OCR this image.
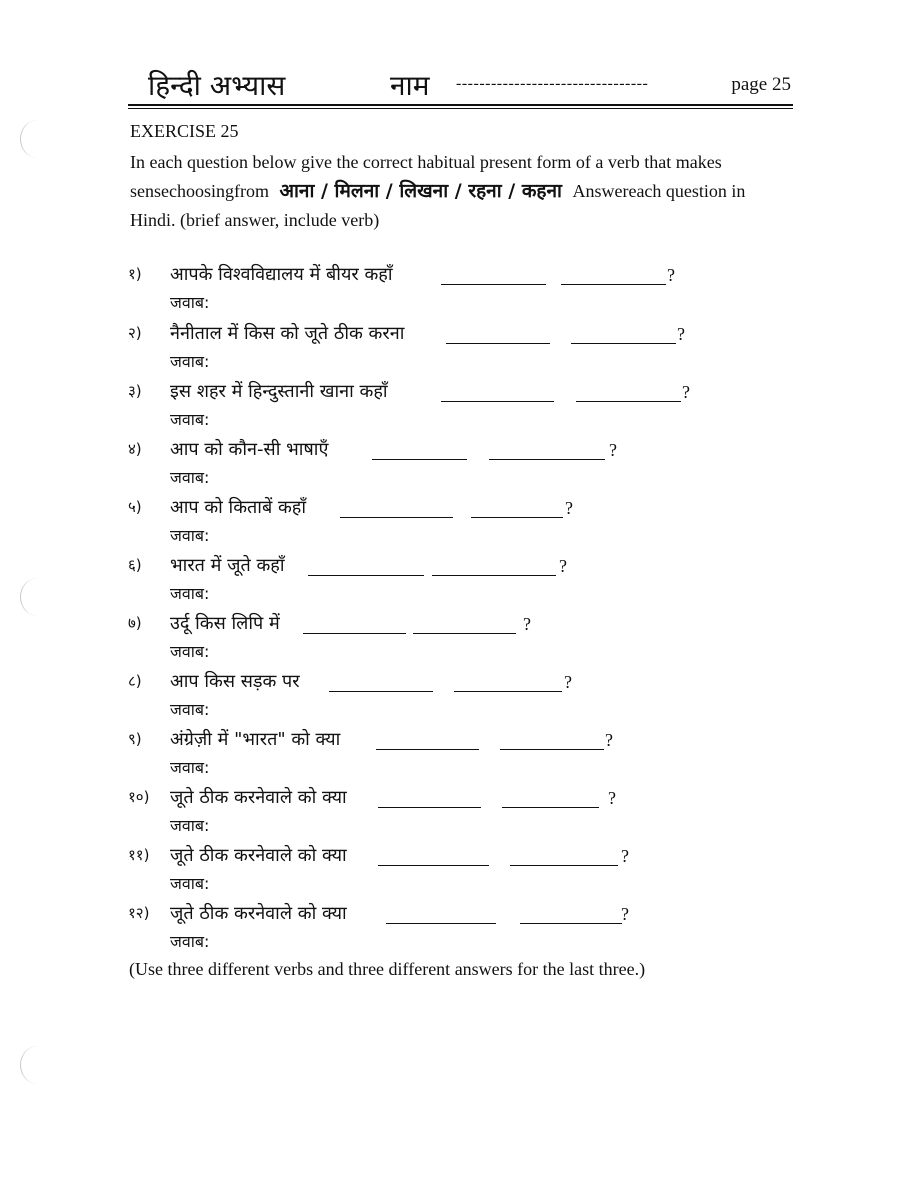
हिन्दी अभ्यास	नाम ---------------------------------	page 25
EXERCISE 25
In each question below give the correct habitual present form of a verb that makes sensechoosingfrom आना / मिलना / लिखना / रहना / कहना Answereach question in Hindi. (brief answer, include verb)
१) आपके विश्वविद्यालय में बीयर कहाँ	?
जवाब:
२) नैनीताल में किस को जूते ठीक करना	?
जवाब:
३) इस शहर में हिन्दुस्तानी खाना कहाँ	?
जवाब:
४) आप को कौन-सी भाषाएँ	?
जवाब:
५) आप को किताबें कहाँ	?
जवाब:
६) भारत में जूते कहाँ	?
जवाब:
७) उर्दू किस लिपि में	?
जवाब:
८) आप किस सड़क पर	?
जवाब:
९) अंग्रेज़ी में "भारत" को क्या	?
जवाब:
१०) जूते ठीक करनेवाले को क्या	?
जवाब:
११) जूते ठीक करनेवाले को क्या	?
जवाब:
१२) जूते ठीक करनेवाले को क्या	?
जवाब:
(Use three different verbs and three different answers for the last three.)
